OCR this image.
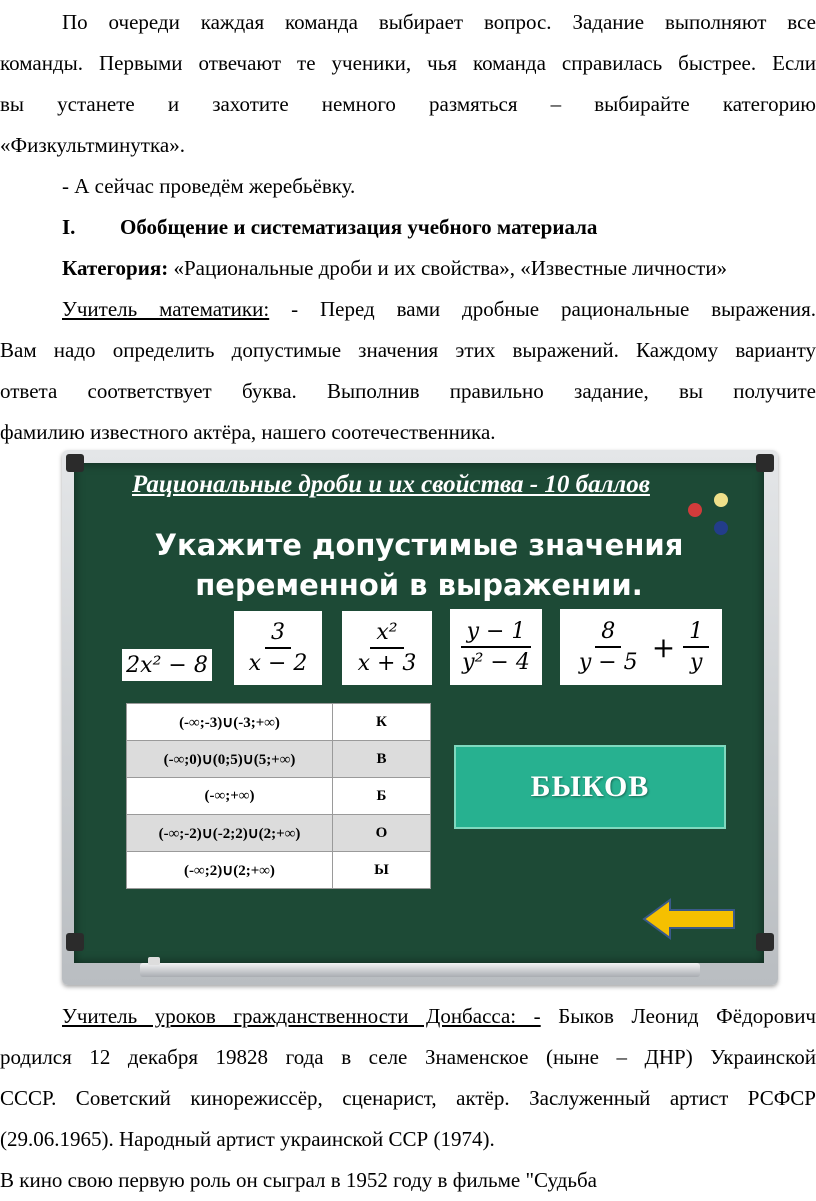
По очереди каждая команда выбирает вопрос. Задание выполняют все
команды. Первыми отвечают те ученики, чья команда справилась быстрее. Если
вы устанете и захотите немного размяться – выбирайте категорию
«Физкультминутка».
- А сейчас проведём жеребьёвку.
I. Обобщение и систематизация учебного материала
Категория: «Рациональные дроби и их свойства», «Известные личности»
Учитель математики: - Перед вами дробные рациональные выражения.
Вам надо определить допустимые значения этих выражений. Каждому варианту
ответа соответствует буква. Выполнив правильно задание, вы получите
фамилию известного актёра, нашего соотечественника.
Рациональные дроби и их свойства - 10 баллов
Укажите допустимые значения
переменной в выражении.
$2x^2 - 8 \frac{3}{x - 2} \frac{\text{x²}}{x + 3} \frac{y - 1}{\text{y² − 4}} \frac{8}{y - 5} + \frac{1}{y}$
(-∞;-3)∪(-3;+∞)	К
(-∞;0)∪(0;5)∪(5;+∞)	В
(-∞;+∞)	Б
(-∞;-2)∪(-2;2)∪(2;+∞)	О
(-∞;2)∪(2;+∞)	Ы
БЫКОВ
Учитель уроков гражданственности Донбасса: - Быков Леонид Фёдорович
родился 12 декабря 19828 года в селе Знаменское (ныне – ДНР) Украинской
СССР. Советский кинорежиссёр, сценарист, актёр. Заслуженный артист РСФСР
(29.06.1965). Народный артист украинской ССР (1974).
В кино свою первую роль он сыграл в 1952 году в фильме "Судьба
